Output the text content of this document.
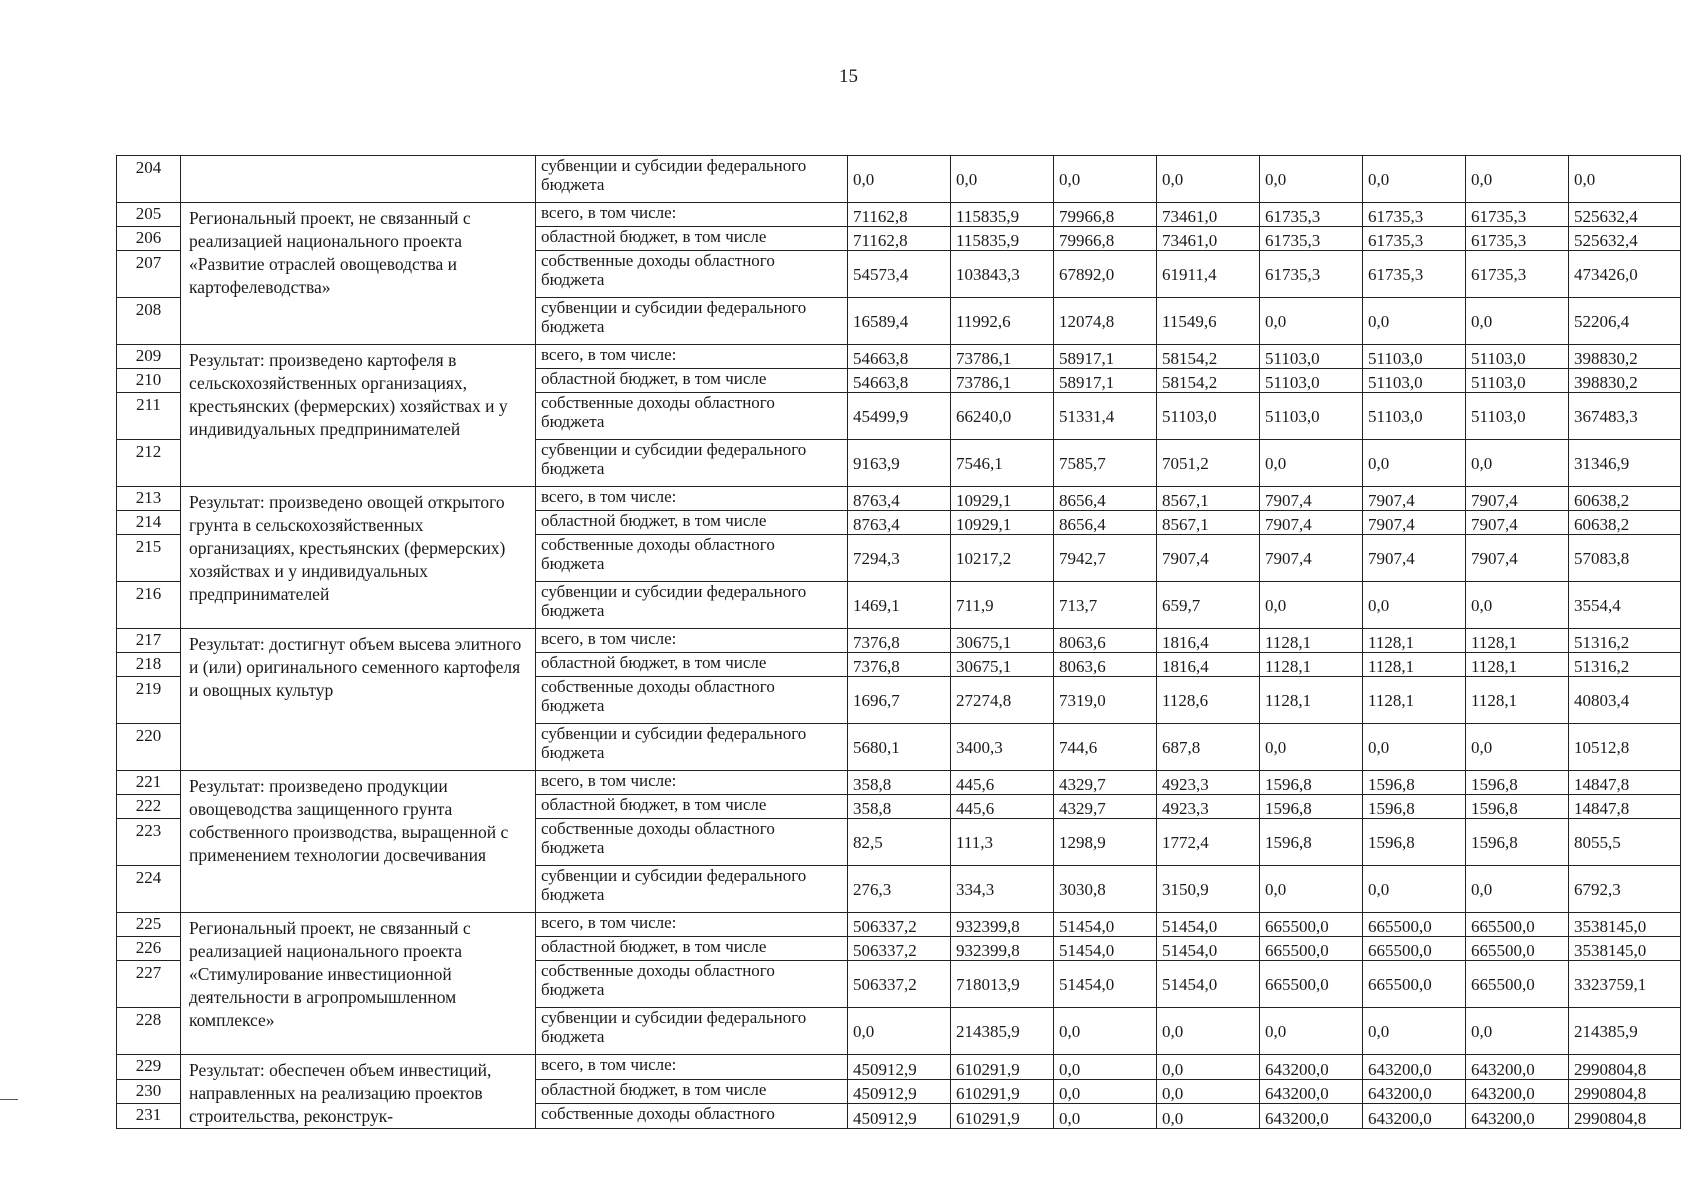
15
204		субвенции и субсидии федерального бюджета	0,0	0,0	0,0	0,0	0,0	0,0	0,0	0,0
205	Региональный проект, не связанный с реализацией национального проекта «Развитие отраслей овощеводства и картофелеводства»	всего, в том числе:	71162,8	115835,9	79966,8	73461,0	61735,3	61735,3	61735,3	525632,4
206		областной бюджет, в том числе	71162,8	115835,9	79966,8	73461,0	61735,3	61735,3	61735,3	525632,4
207		собственные доходы областного бюджета	54573,4	103843,3	67892,0	61911,4	61735,3	61735,3	61735,3	473426,0
208		субвенции и субсидии федерального бюджета	16589,4	11992,6	12074,8	11549,6	0,0	0,0	0,0	52206,4
209	Результат: произведено картофеля в сельскохозяйственных организациях, крестьянских (фермерских) хозяйствах и у индивидуальных предпринимателей	всего, в том числе:	54663,8	73786,1	58917,1	58154,2	51103,0	51103,0	51103,0	398830,2
210		областной бюджет, в том числе	54663,8	73786,1	58917,1	58154,2	51103,0	51103,0	51103,0	398830,2
211		собственные доходы областного бюджета	45499,9	66240,0	51331,4	51103,0	51103,0	51103,0	51103,0	367483,3
212		субвенции и субсидии федерального бюджета	9163,9	7546,1	7585,7	7051,2	0,0	0,0	0,0	31346,9
213	Результат: произведено овощей открытого грунта в сельскохозяйственных организациях, крестьянских (фермерских) хозяйствах и у индивидуальных предпринимателей	всего, в том числе:	8763,4	10929,1	8656,4	8567,1	7907,4	7907,4	7907,4	60638,2
214		областной бюджет, в том числе	8763,4	10929,1	8656,4	8567,1	7907,4	7907,4	7907,4	60638,2
215		собственные доходы областного бюджета	7294,3	10217,2	7942,7	7907,4	7907,4	7907,4	7907,4	57083,8
216		субвенции и субсидии федерального бюджета	1469,1	711,9	713,7	659,7	0,0	0,0	0,0	3554,4
217	Результат: достигнут объем высева элитного и (или) оригинального семенного картофеля и овощных культур	всего, в том числе:	7376,8	30675,1	8063,6	1816,4	1128,1	1128,1	1128,1	51316,2
218		областной бюджет, в том числе	7376,8	30675,1	8063,6	1816,4	1128,1	1128,1	1128,1	51316,2
219		собственные доходы областного бюджета	1696,7	27274,8	7319,0	1128,6	1128,1	1128,1	1128,1	40803,4
220		субвенции и субсидии федерального бюджета	5680,1	3400,3	744,6	687,8	0,0	0,0	0,0	10512,8
221	Результат: произведено продукции овощеводства защищенного грунта собственного производства, выращенной с применением технологии досвечивания	всего, в том числе:	358,8	445,6	4329,7	4923,3	1596,8	1596,8	1596,8	14847,8
222		областной бюджет, в том числе	358,8	445,6	4329,7	4923,3	1596,8	1596,8	1596,8	14847,8
223		собственные доходы областного бюджета	82,5	111,3	1298,9	1772,4	1596,8	1596,8	1596,8	8055,5
224		субвенции и субсидии федерального бюджета	276,3	334,3	3030,8	3150,9	0,0	0,0	0,0	6792,3
225	Региональный проект, не связанный с реализацией национального проекта «Стимулирование инвестиционной деятельности в агропромышленном комплексе»	всего, в том числе:	506337,2	932399,8	51454,0	51454,0	665500,0	665500,0	665500,0	3538145,0
226		областной бюджет, в том числе	506337,2	932399,8	51454,0	51454,0	665500,0	665500,0	665500,0	3538145,0
227		собственные доходы областного бюджета	506337,2	718013,9	51454,0	51454,0	665500,0	665500,0	665500,0	3323759,1
228		субвенции и субсидии федерального бюджета	0,0	214385,9	0,0	0,0	0,0	0,0	0,0	214385,9
229	Результат: обеспечен объем инвестиций, направленных на реализацию проектов строительства, реконструк-	всего, в том числе:	450912,9	610291,9	0,0	0,0	643200,0	643200,0	643200,0	2990804,8
230		областной бюджет, в том числе	450912,9	610291,9	0,0	0,0	643200,0	643200,0	643200,0	2990804,8
231		собственные доходы областного	450912,9	610291,9	0,0	0,0	643200,0	643200,0	643200,0	2990804,8
